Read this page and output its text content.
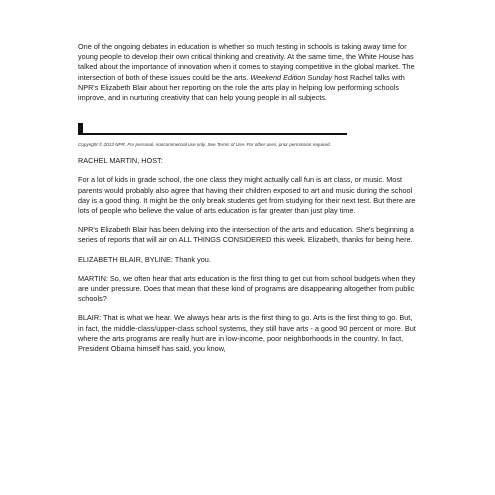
One of the ongoing debates in education is whether so much testing in schools is taking away time for young people to develop their own critical thinking and creativity. At the same time, the White House has talked about the importance of innovation when it comes to staying competitive in the global market. The intersection of both of these issues could be the arts. Weekend Edition Sunday host Rachel talks with NPR's Elizabeth Blair about her reporting on the role the arts play in helping low performing schools improve, and in nurturing creativity that can help young people in all subjects.

Copyright © 2013 NPR. For personal, noncommercial use only. See Terms of Use. For other uses, prior permission required.

RACHEL MARTIN, HOST:

For a lot of kids in grade school, the one class they might actually call fun is art class, or music. Most parents would probably also agree that having their children exposed to art and music during the school day is a good thing. It might be the only break students get from studying for their next test. But there are lots of people who believe the value of arts education is far greater than just play time.

NPR's Elizabeth Blair has been delving into the intersection of the arts and education. She's beginning a series of reports that will air on ALL THINGS CONSIDERED this week. Elizabeth, thanks for being here.

ELIZABETH BLAIR, BYLINE: Thank you.

MARTIN: So, we often hear that arts education is the first thing to get cut from school budgets when they are under pressure. Does that mean that these kind of programs are disappearing altogether from public schools?

BLAIR: That is what we hear. We always hear arts is the first thing to go. Arts is the first thing to go. But, in fact, the middle-class/upper-class school systems, they still have arts - a good 90 percent or more. But where the arts programs are really hurt are in low-income, poor neighborhoods in the country. In fact, President Obama himself has said, you know,
